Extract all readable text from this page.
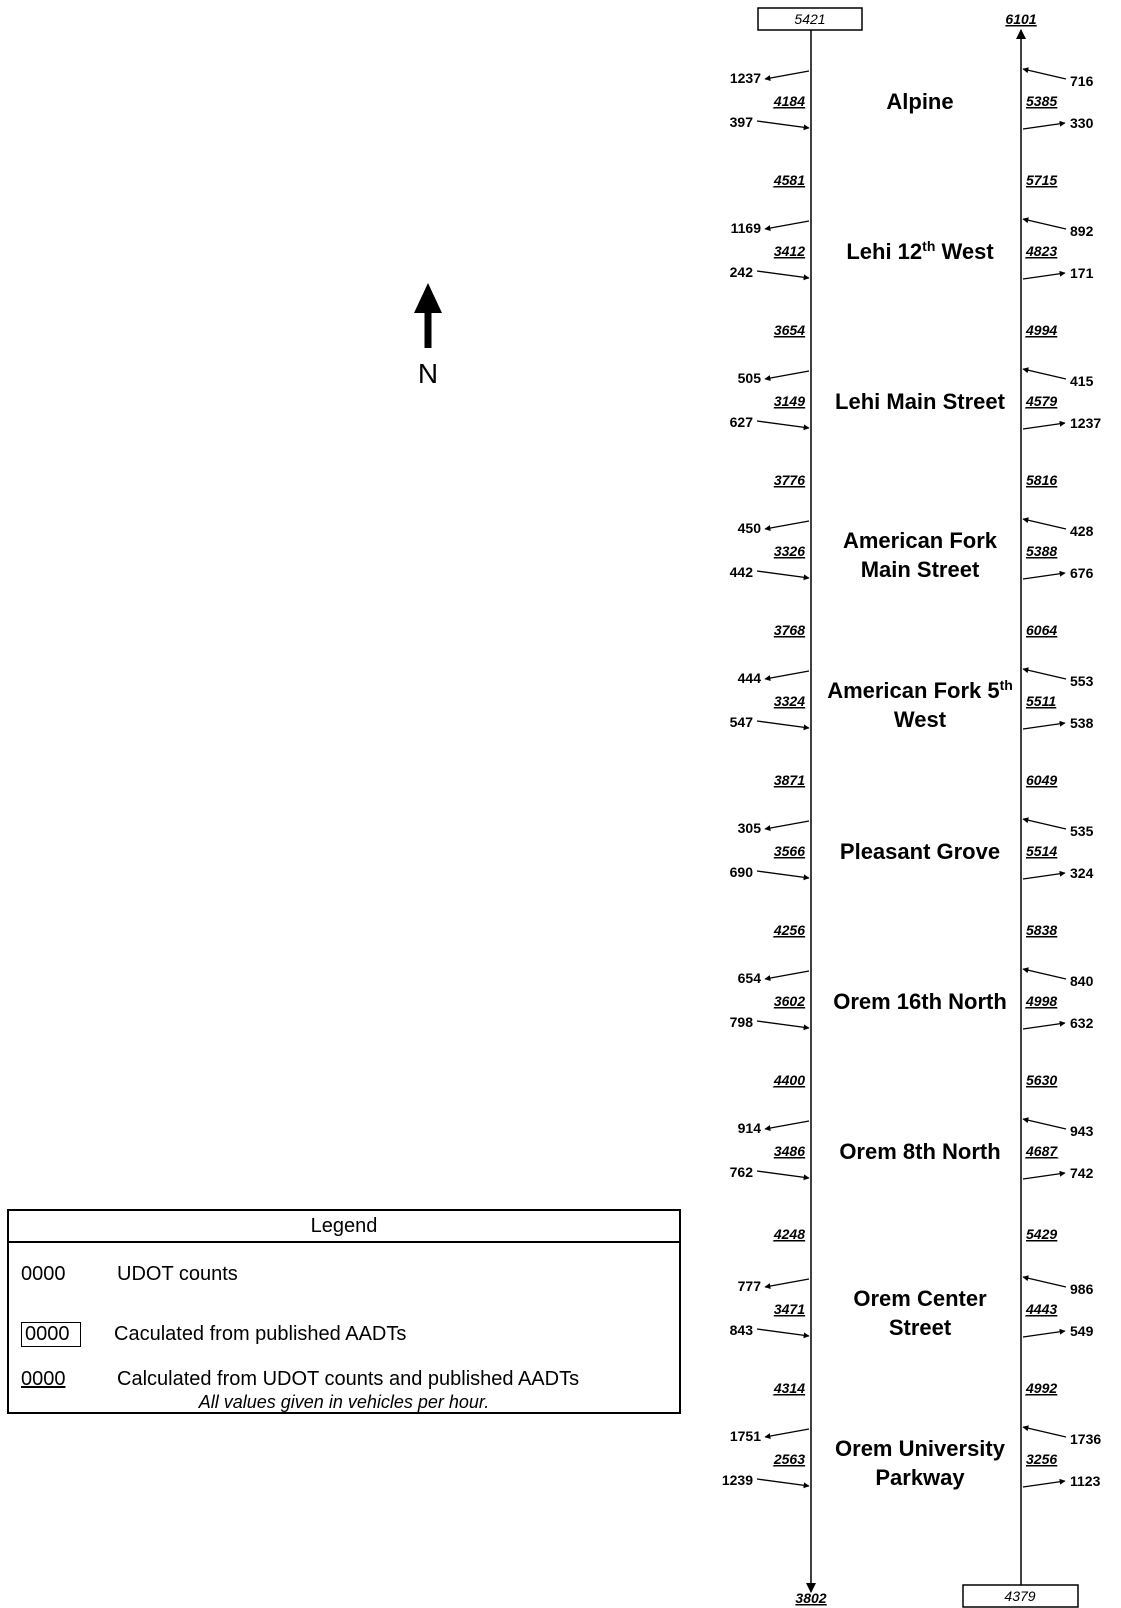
5421	6101
3802	4379
N
1237
4184
397
716
5385
330
Alpine
4581	5715
1169
3412
242
892
4823
171
Lehi 12th West
3654	4994
505
3149
627
415
4579
1237
Lehi Main Street
3776	5816
450
3326
442
428
5388
676
American Fork
Main Street
3768	6064
444
3324
547
553
5511
538
American Fork 5th
West
3871	6049
305
3566
690
535
5514
324
Pleasant Grove
4256	5838
654
3602
798
840
4998
632
Orem 16th North
4400	5630
914
3486
762
943
4687
742
Orem 8th North
4248	5429
777
3471
843
986
4443
549
Orem Center
Street
4314	4992
1751
2563
1239
1736
3256
1123
Orem University
Parkway
Legend
0000	UDOT counts
0000	Caculated from published AADTs
0000	Calculated from UDOT counts and published AADTs
All values given in vehicles per hour.
